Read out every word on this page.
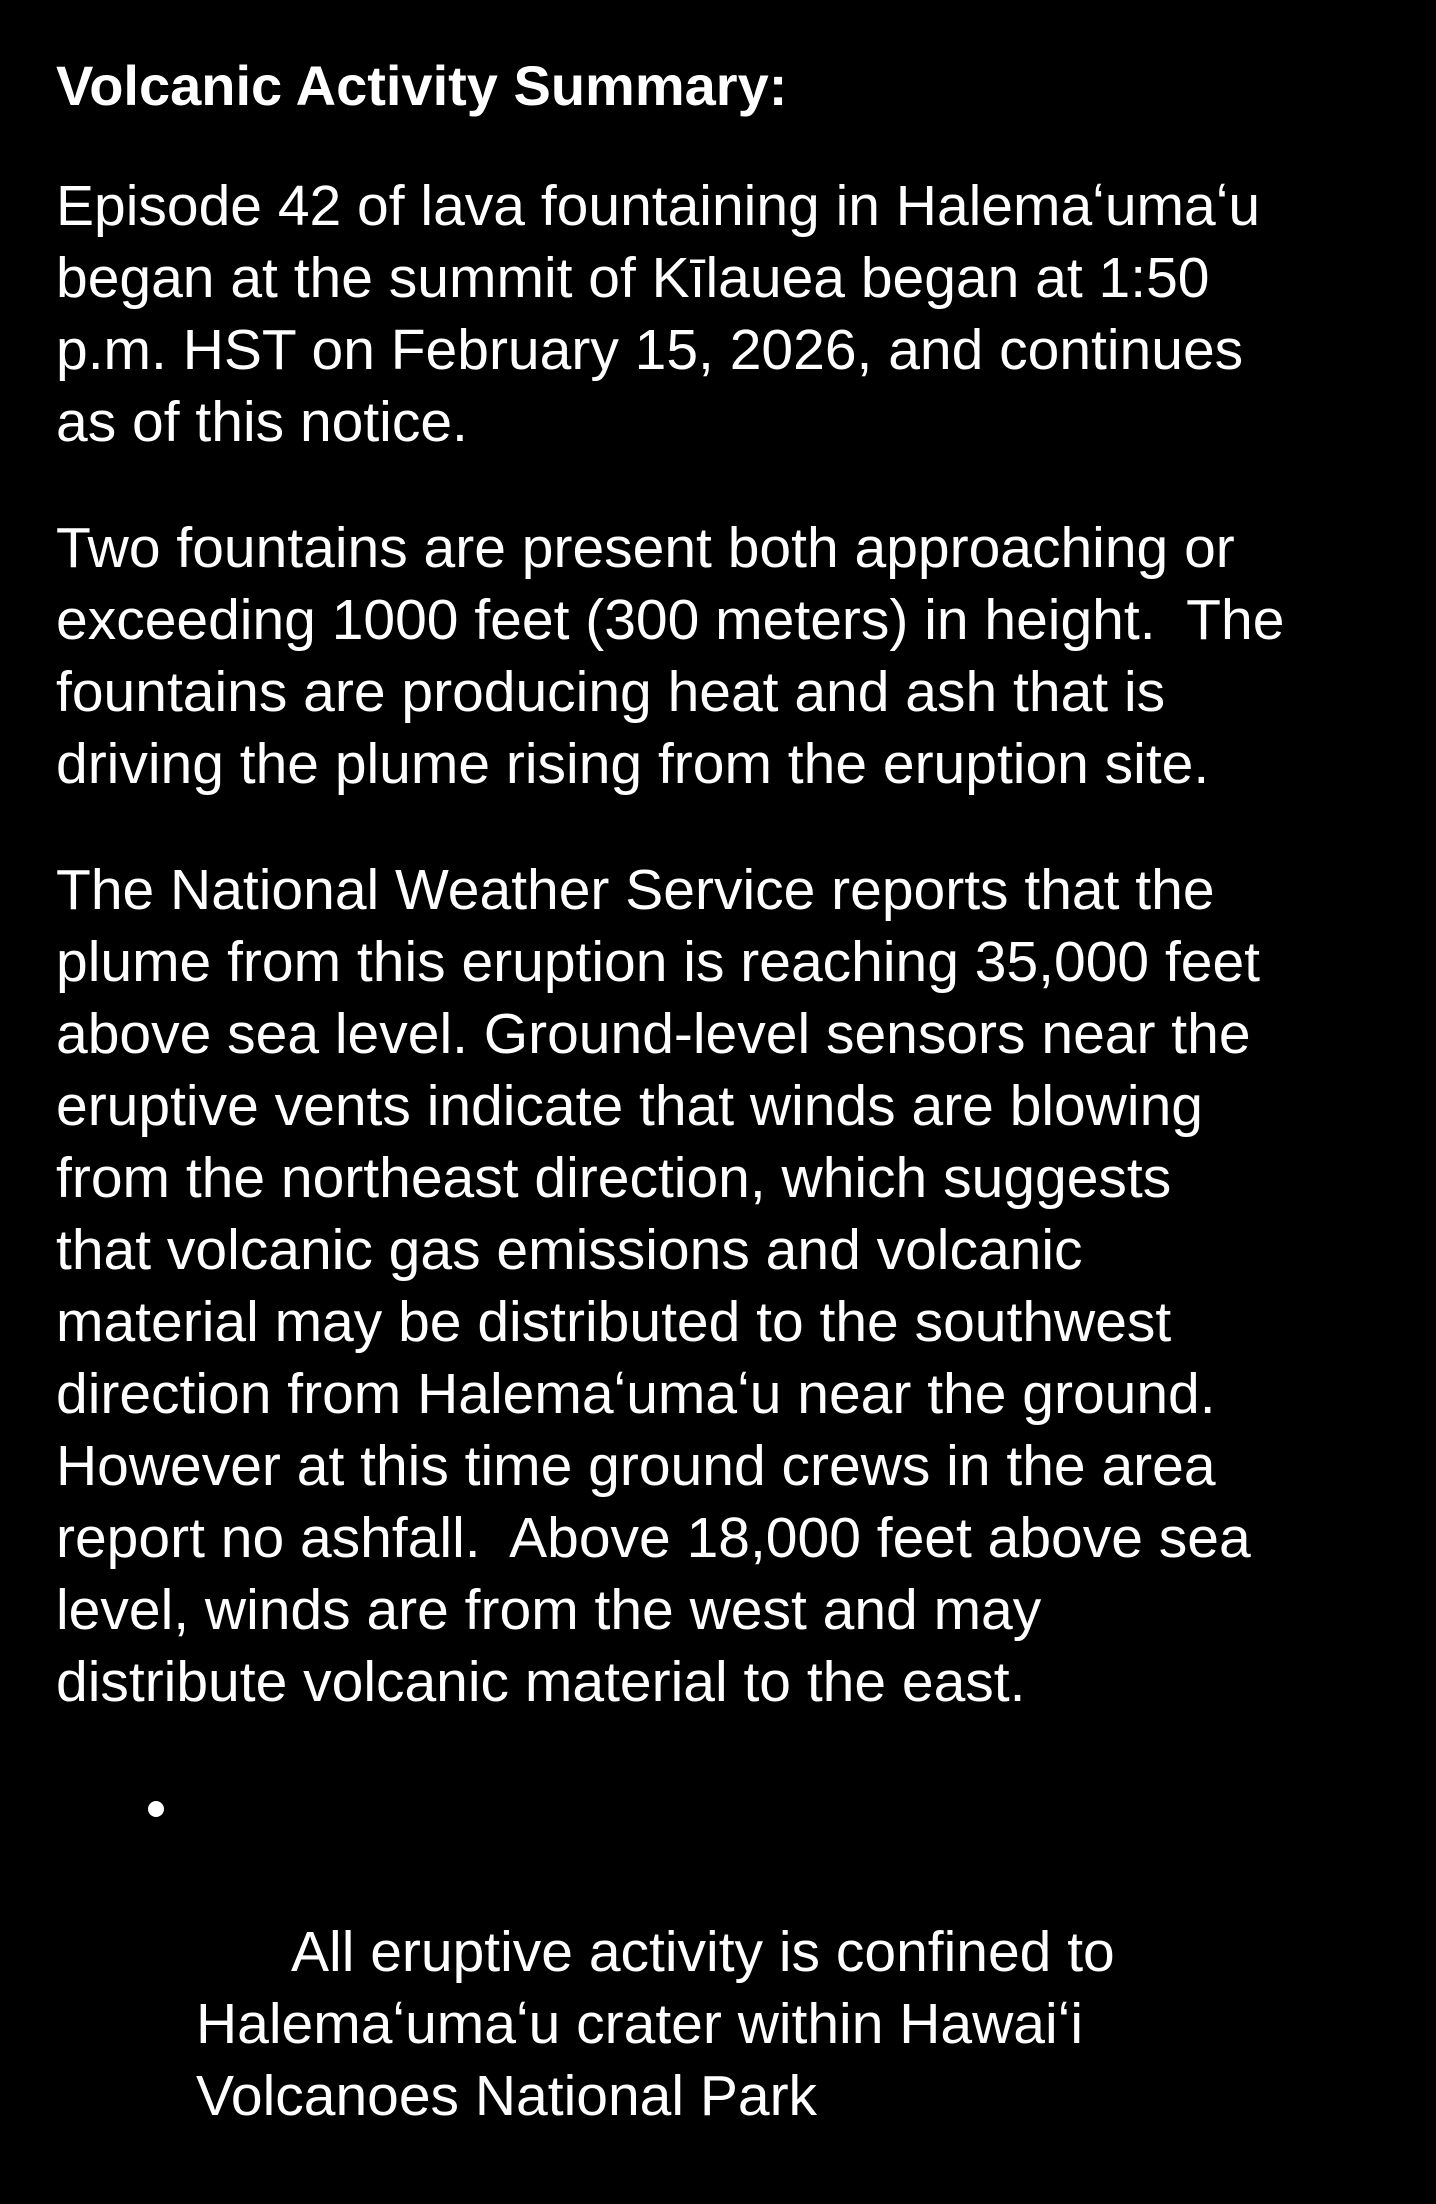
Volcanic Activity Summary:
Episode 42 of lava fountaining in Halemaʻumaʻu
began at the summit of Kīlauea began at 1:50
p.m. HST on February 15, 2026, and continues
as of this notice.
Two fountains are present both approaching or
exceeding 1000 feet (300 meters) in height.  The
fountains are producing heat and ash that is
driving the plume rising from the eruption site.
The National Weather Service reports that the
plume from this eruption is reaching 35,000 feet
above sea level. Ground-level sensors near the
eruptive vents indicate that winds are blowing
from the northeast direction, which suggests
that volcanic gas emissions and volcanic
material may be distributed to the southwest
direction from Halemaʻumaʻu near the ground.
However at this time ground crews in the area
report no ashfall.  Above 18,000 feet above sea
level, winds are from the west and may
distribute volcanic material to the east.

All eruptive activity is confined to
Halemaʻumaʻu crater within Hawaiʻi
Volcanoes National Park
